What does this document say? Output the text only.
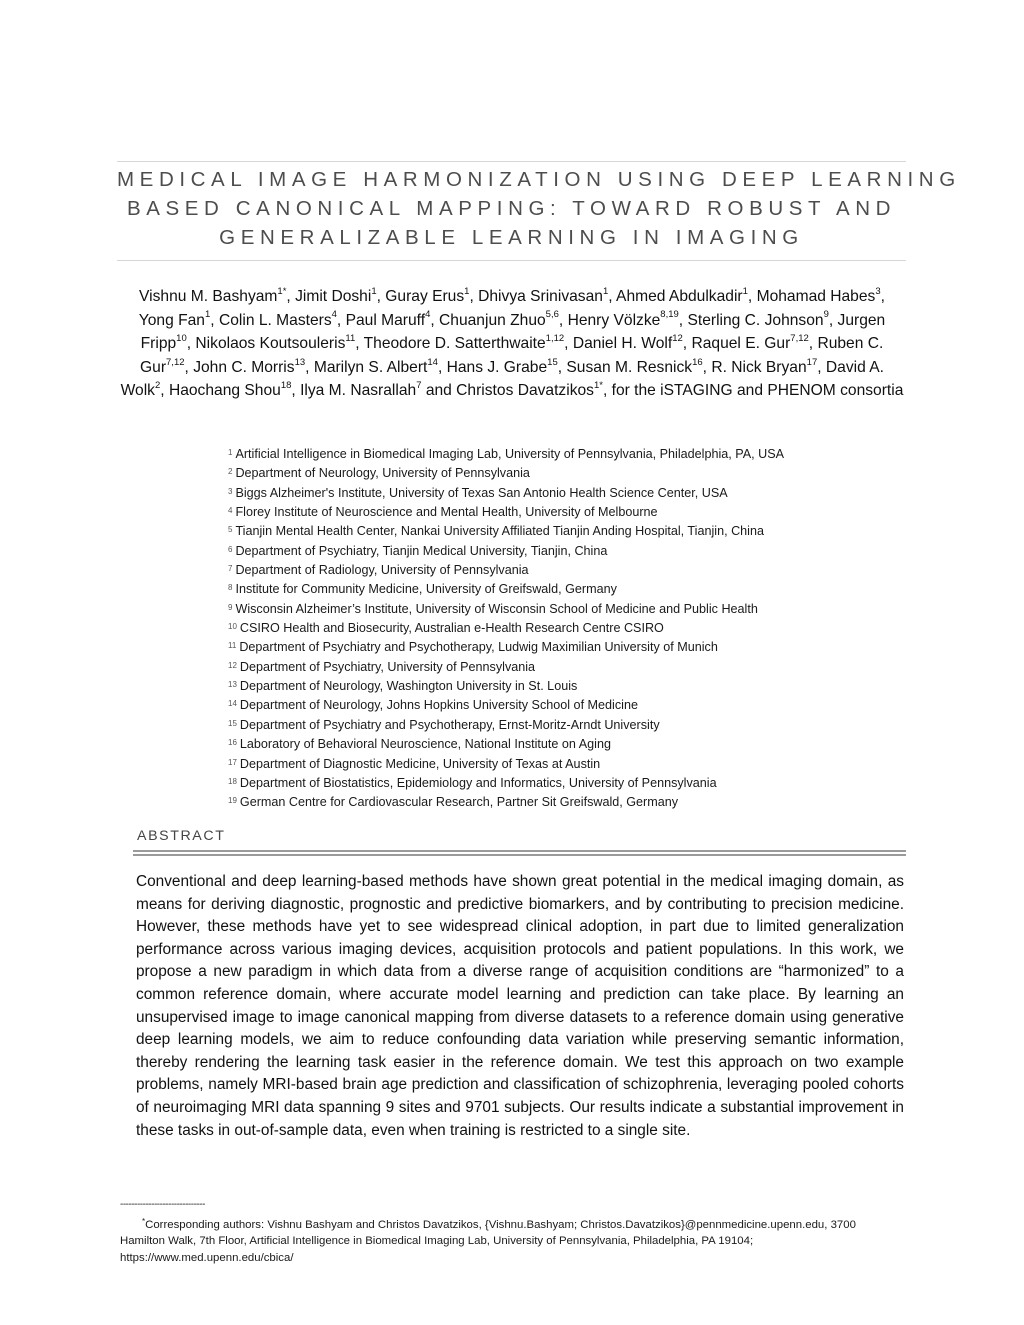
MEDICAL IMAGE HARMONIZATION USING DEEP LEARNING
BASED CANONICAL MAPPING: TOWARD ROBUST AND
GENERALIZABLE LEARNING IN IMAGING
Vishnu M. Bashyam$^{1*}$, Jimit Doshi$^1$, Guray Erus$^1$, Dhivya Srinivasan$^1$, Ahmed Abdulkadir$^1$, Mohamad Habes$^3$, Yong Fan$^1$, Colin L. Masters$^4$, Paul Maruff$^4$, Chuanjun Zhuo$^{5,6}$, Henry Völzke$^{8,19}$, Sterling C. Johnson$^9$, Jurgen Fripp$^{10}$, Nikolaos Koutsouleris$^{11}$, Theodore D. Satterthwaite$^{1,12}$, Daniel H. Wolf$^{12}$, Raquel E. Gur$^{7,12}$, Ruben C. Gur$^{7,12}$, John C. Morris$^{13}$, Marilyn S. Albert$^{14}$, Hans J. Grabe$^{15}$, Susan M. Resnick$^{16}$, R. Nick Bryan$^{17}$, David A. Wolk$^2$, Haochang Shou$^{18}$, Ilya M. Nasrallah$^7$ and Christos Davatzikos$^{1*}$, for the iSTAGING and PHENOM consortia
$^1$ Artificial Intelligence in Biomedical Imaging Lab, University of Pennsylvania, Philadelphia, PA, USA
$^2$ Department of Neurology, University of Pennsylvania
$^3$ Biggs Alzheimer's Institute, University of Texas San Antonio Health Science Center, USA
$^4$ Florey Institute of Neuroscience and Mental Health, University of Melbourne
$^5$ Tianjin Mental Health Center, Nankai University Affiliated Tianjin Anding Hospital, Tianjin, China
$^6$ Department of Psychiatry, Tianjin Medical University, Tianjin, China
$^7$ Department of Radiology, University of Pennsylvania
$^8$ Institute for Community Medicine, University of Greifswald, Germany
$^9$ Wisconsin Alzheimer’s Institute, University of Wisconsin School of Medicine and Public Health
$^{10}$ CSIRO Health and Biosecurity, Australian e-Health Research Centre CSIRO
$^{11}$ Department of Psychiatry and Psychotherapy, Ludwig Maximilian University of Munich
$^{12}$ Department of Psychiatry, University of Pennsylvania
$^{13}$ Department of Neurology, Washington University in St. Louis
$^{14}$ Department of Neurology, Johns Hopkins University School of Medicine
$^{15}$ Department of Psychiatry and Psychotherapy, Ernst-Moritz-Arndt University
$^{16}$ Laboratory of Behavioral Neuroscience, National Institute on Aging
$^{17}$ Department of Diagnostic Medicine, University of Texas at Austin
$^{18}$ Department of Biostatistics, Epidemiology and Informatics, University of Pennsylvania
$^{19}$ German Centre for Cardiovascular Research, Partner Sit Greifswald, Germany
ABSTRACT
Conventional and deep learning-based methods have shown great potential in the medical imaging domain, as means for deriving diagnostic, prognostic and predictive biomarkers, and by contributing to precision medicine. However, these methods have yet to see widespread clinical adoption, in part due to limited generalization performance across various imaging devices, acquisition protocols and patient populations. In this work, we propose a new paradigm in which data from a diverse range of acquisition conditions are “harmonized” to a common reference domain, where accurate model learning and prediction can take place. By learning an unsupervised image to image canonical mapping from diverse datasets to a reference domain using generative deep learning models, we aim to reduce confounding data variation while preserving semantic information, thereby rendering the learning task easier in the reference domain. We test this approach on two example problems, namely MRI-based brain age prediction and classification of schizophrenia, leveraging pooled cohorts of neuroimaging MRI data spanning 9 sites and 9701 subjects. Our results indicate a substantial improvement in these tasks in out-of-sample data, even when training is restricted to a single site.
------------------------------
*Corresponding authors: Vishnu Bashyam and Christos Davatzikos, {Vishnu.Bashyam; Christos.Davatzikos}@pennmedicine.upenn.edu, 3700 Hamilton Walk, 7th Floor, Artificial Intelligence in Biomedical Imaging Lab, University of Pennsylvania, Philadelphia, PA 19104; https://www.med.upenn.edu/cbica/
